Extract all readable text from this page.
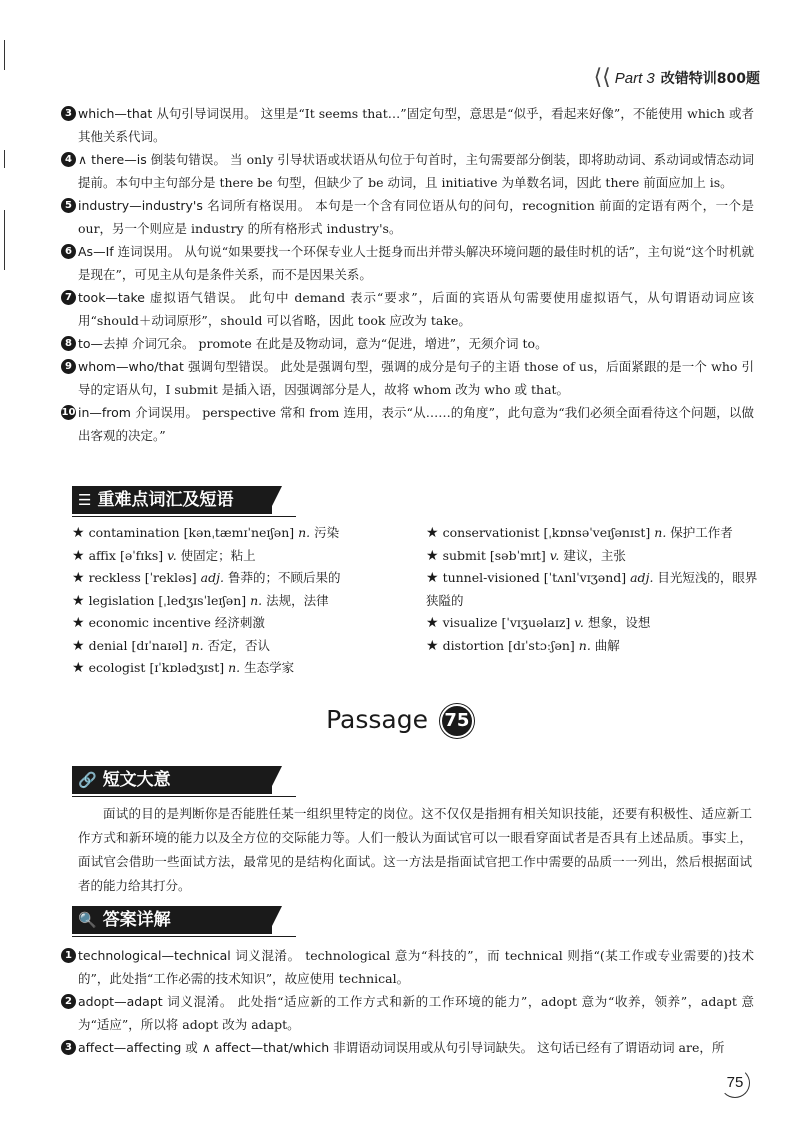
⟨⟨ Part 3 改错特训800题
3 which—that 从句引导词误用。 这里是“It seems that…”固定句型，意思是“似乎，看起来好像”，不能使用 which 或者其他关系代词。
4 ∧ there—is 倒装句错误。 当 only 引导状语或状语从句位于句首时，主句需要部分倒装，即将助动词、系动词或情态动词提前。本句中主句部分是 there be 句型，但缺少了 be 动词，且 initiative 为单数名词，因此 there 前面应加上 is。
5 industry—industry's 名词所有格误用。 本句是一个含有同位语从句的问句，recognition 前面的定语有两个，一个是 our，另一个则应是 industry 的所有格形式 industry's。
6 As—If 连词误用。 从句说“如果要找一个环保专业人士挺身而出并带头解决环境问题的最佳时机的话”，主句说“这个时机就是现在”，可见主从句是条件关系，而不是因果关系。
7 took—take 虚拟语气错误。 此句中 demand 表示“要求”，后面的宾语从句需要使用虚拟语气，从句谓语动词应该用“should＋动词原形”，should 可以省略，因此 took 应改为 take。
8 to—去掉 介词冗余。 promote 在此是及物动词，意为“促进，增进”，无须介词 to。
9 whom—who/that 强调句型错误。 此处是强调句型，强调的成分是句子的主语 those of us，后面紧跟的是一个 who 引导的定语从句，I submit 是插入语，因强调部分是人，故将 whom 改为 who 或 that。
10 in—from 介词误用。 perspective 常和 from 连用，表示“从……的角度”，此句意为“我们必须全面看待这个问题，以做出客观的决定。”
☰ 重难点词汇及短语
★ contamination [kənˌtæmɪˈneɪʃən] n. 污染
★ affix [əˈfɪks] v. 使固定；粘上
★ reckless [ˈrekləs] adj. 鲁莽的；不顾后果的
★ legislation [ˌledʒɪsˈleɪʃən] n. 法规，法律
★ economic incentive 经济刺激
★ denial [dɪˈnaɪəl] n. 否定，否认
★ ecologist [ɪˈkɒlədʒɪst] n. 生态学家
★ conservationist [ˌkɒnsəˈveɪʃənɪst] n. 保护工作者
★ submit [səbˈmɪt] v. 建议，主张
★ tunnel-visioned [ˈtʌnlˈvɪʒənd] adj. 目光短浅的，眼界狭隘的
★ visualize [ˈvɪʒuəlaɪz] v. 想象，设想
★ distortion [dɪˈstɔːʃən] n. 曲解
Passage 75
🔗 短文大意
面试的目的是判断你是否能胜任某一组织里特定的岗位。这不仅仅是指拥有相关知识技能，还要有积极性、适应新工作方式和新环境的能力以及全方位的交际能力等。人们一般认为面试官可以一眼看穿面试者是否具有上述品质。事实上，面试官会借助一些面试方法，最常见的是结构化面试。这一方法是指面试官把工作中需要的品质一一列出，然后根据面试者的能力给其打分。
🔍 答案详解
1 technological—technical 词义混淆。 technological 意为“科技的”，而 technical 则指“(某工作或专业需要的)技术的”，此处指“工作必需的技术知识”，故应使用 technical。
2 adopt—adapt 词义混淆。 此处指“适应新的工作方式和新的工作环境的能力”，adopt 意为“收养，领养”，adapt 意为“适应”，所以将 adopt 改为 adapt。
3 affect—affecting 或 ∧ affect—that/which 非谓语动词误用或从句引导词缺失。 这句话已经有了谓语动词 are，所
75
